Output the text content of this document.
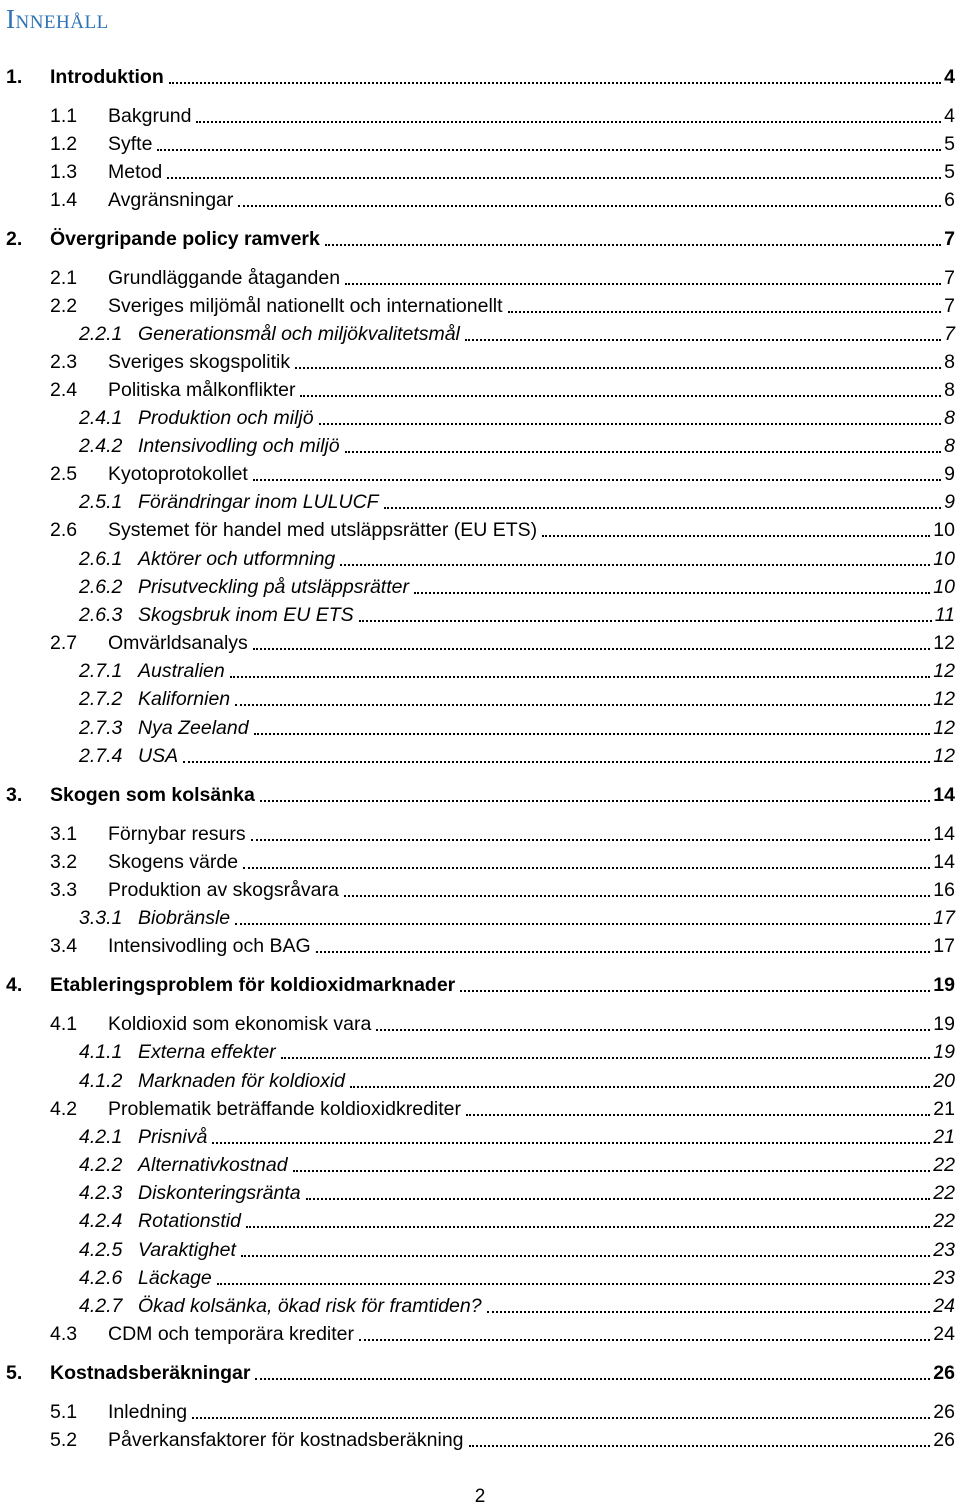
Innehåll
1.	Introduktion	4
1.1	Bakgrund	4
1.2	Syfte	5
1.3	Metod	5
1.4	Avgränsningar	6
2.	Övergripande policy ramverk	7
2.1	Grundläggande åtaganden	7
2.2	Sveriges miljömål nationellt och internationellt	7
2.2.1 Generationsmål och miljökvalitetsmål	7
2.3	Sveriges skogspolitik	8
2.4	Politiska målkonflikter	8
2.4.1 Produktion och miljö	8
2.4.2 Intensivodling och miljö	8
2.5	Kyotoprotokollet	9
2.5.1 Förändringar inom LULUCF	9
2.6	Systemet för handel med utsläppsrätter (EU ETS)	10
2.6.1 Aktörer och utformning	10
2.6.2 Prisutveckling på utsläppsrätter	10
2.6.3 Skogsbruk inom EU ETS	11
2.7	Omvärldsanalys	12
2.7.1 Australien	12
2.7.2 Kalifornien	12
2.7.3 Nya Zeeland	12
2.7.4 USA	12
3.	Skogen som kolsänka	14
3.1	Förnybar resurs	14
3.2	Skogens värde	14
3.3	Produktion av skogsråvara	16
3.3.1 Biobränsle	17
3.4	Intensivodling och BAG	17
4.	Etableringsproblem för koldioxidmarknader	19
4.1	Koldioxid som ekonomisk vara	19
4.1.1 Externa effekter	19
4.1.2 Marknaden för koldioxid	20
4.2	Problematik beträffande koldioxidkrediter	21
4.2.1 Prisnivå	21
4.2.2 Alternativkostnad	22
4.2.3 Diskonteringsränta	22
4.2.4 Rotationstid	22
4.2.5 Varaktighet	23
4.2.6 Läckage	23
4.2.7 Ökad kolsänka, ökad risk för framtiden?	24
4.3	CDM och temporära krediter	24
5.	Kostnadsberäkningar	26
5.1	Inledning	26
5.2	Påverkansfaktorer för kostnadsberäkning	26
2
